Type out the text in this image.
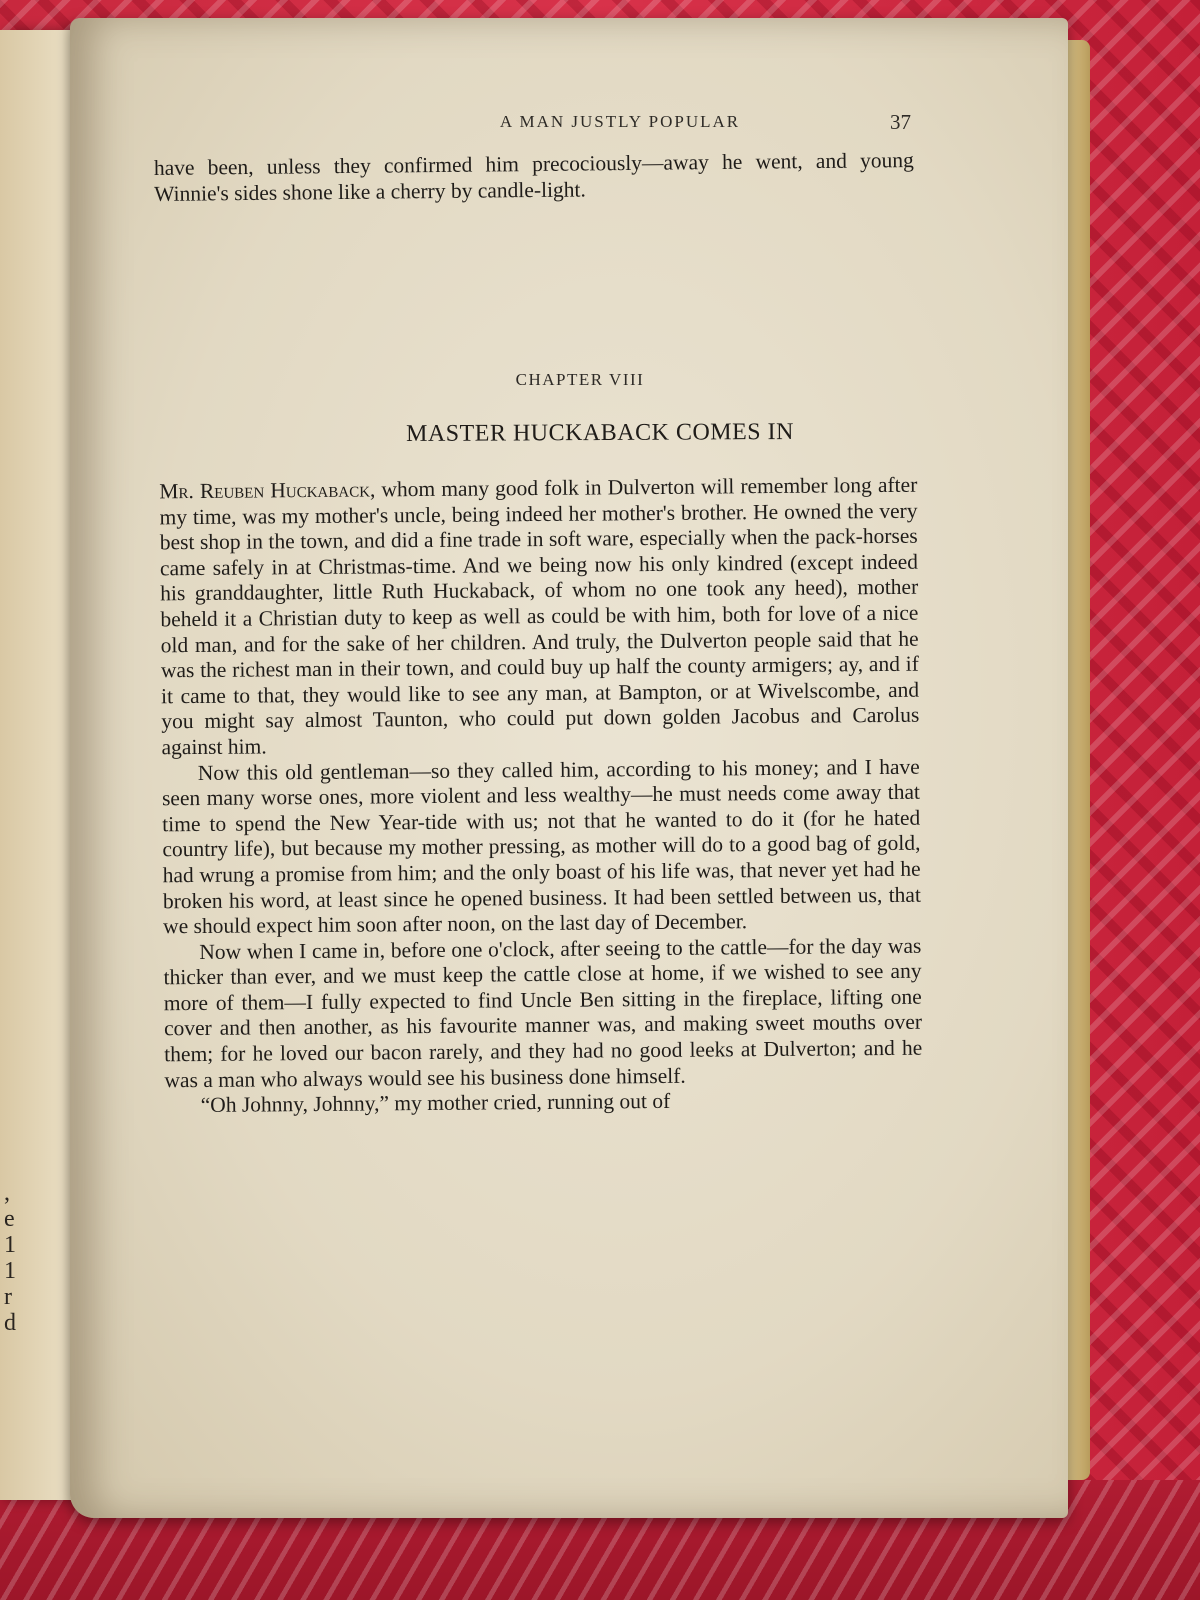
,
e
1
1
r
d
A MAN JUSTLY POPULAR	37

have been, unless they confirmed him precociously—away he went, and young Winnie's sides shone like a cherry by candle-light.

CHAPTER VIII
MASTER HUCKABACK COMES IN

Mr. Reuben Huckaback, whom many good folk in Dulverton will remember long after my time, was my mother's uncle, being indeed her mother's brother. He owned the very best shop in the town, and did a fine trade in soft ware, especially when the pack-horses came safely in at Christmas-time. And we being now his only kindred (except indeed his granddaughter, little Ruth Huckaback, of whom no one took any heed), mother beheld it a Christian duty to keep as well as could be with him, both for love of a nice old man, and for the sake of her children. And truly, the Dulverton people said that he was the richest man in their town, and could buy up half the county armigers; ay, and if it came to that, they would like to see any man, at Bampton, or at Wivelscombe, and you might say almost Taunton, who could put down golden Jacobus and Carolus against him.

Now this old gentleman—so they called him, according to his money; and I have seen many worse ones, more violent and less wealthy—he must needs come away that time to spend the New Year-tide with us; not that he wanted to do it (for he hated country life), but because my mother pressing, as mother will do to a good bag of gold, had wrung a promise from him; and the only boast of his life was, that never yet had he broken his word, at least since he opened business. It had been settled between us, that we should expect him soon after noon, on the last day of December.

Now when I came in, before one o'clock, after seeing to the cattle—for the day was thicker than ever, and we must keep the cattle close at home, if we wished to see any more of them—I fully expected to find Uncle Ben sitting in the fireplace, lifting one cover and then another, as his favourite manner was, and making sweet mouths over them; for he loved our bacon rarely, and they had no good leeks at Dulverton; and he was a man who always would see his business done himself.

“Oh Johnny, Johnny,” my mother cried, running out of
